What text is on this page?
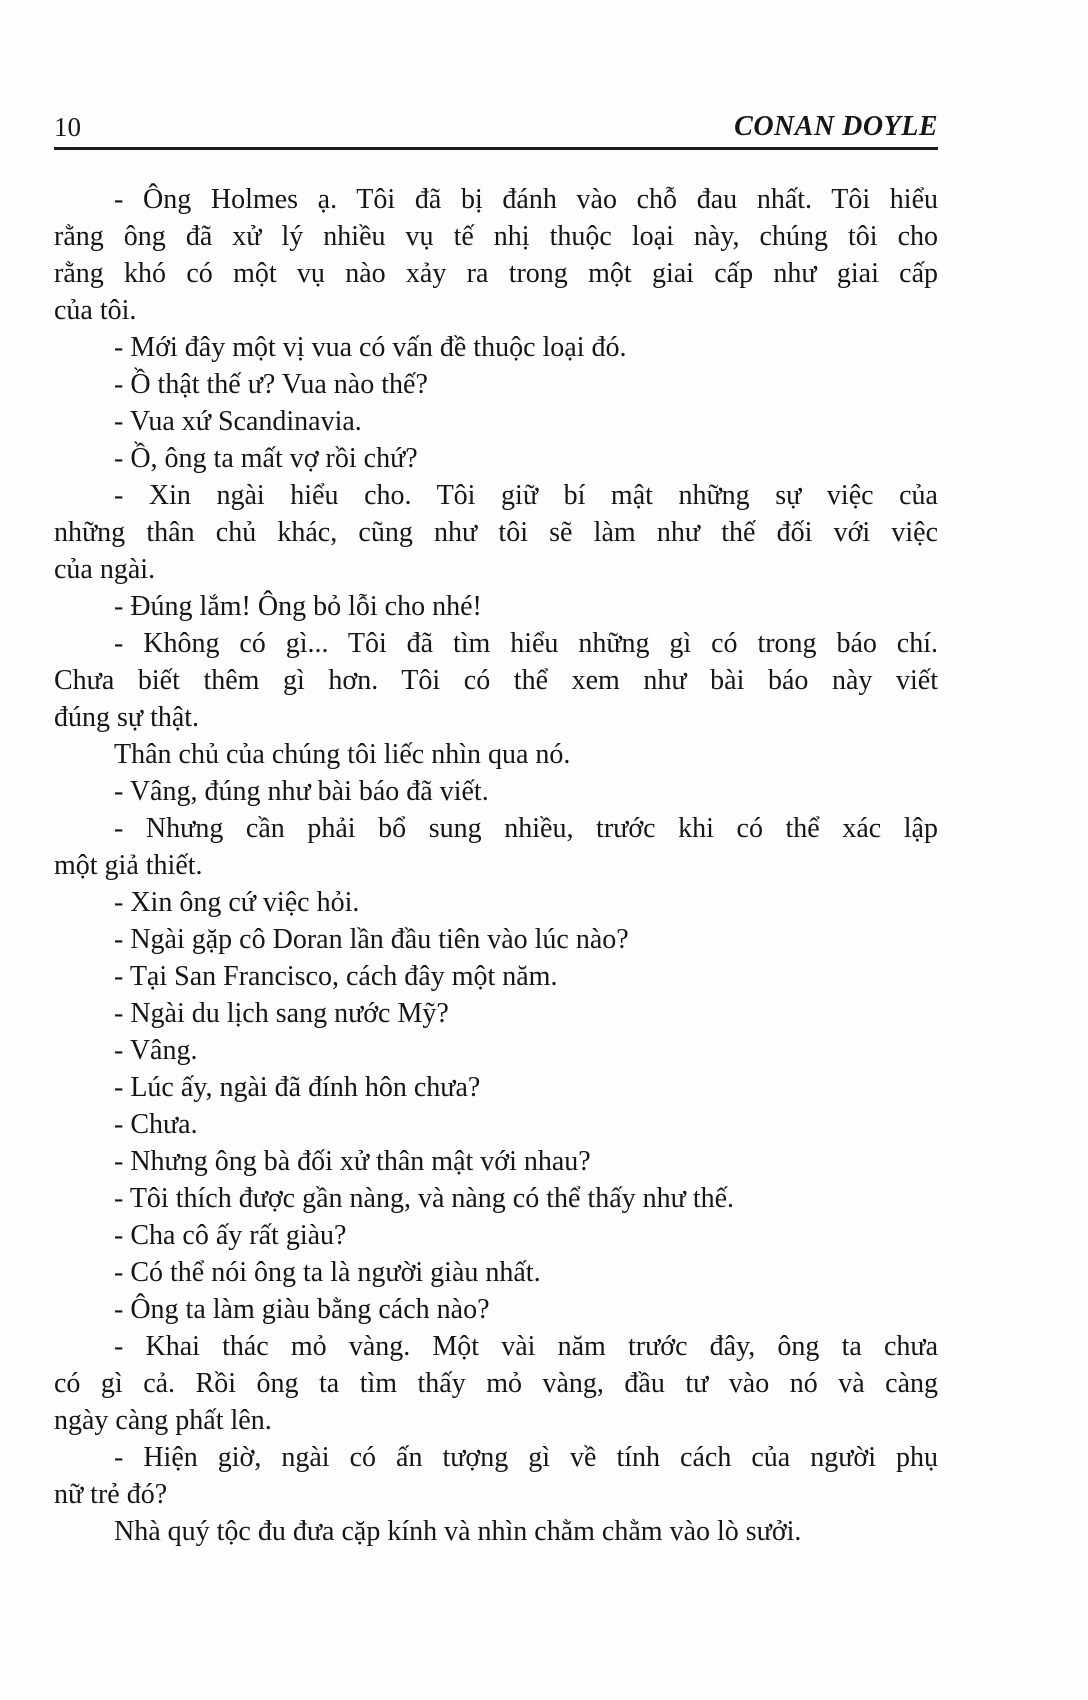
10	CONAN DOYLE
- Ông Holmes ạ. Tôi đã bị đánh vào chỗ đau nhất. Tôi hiểu
rằng ông đã xử lý nhiều vụ tế nhị thuộc loại này, chúng tôi cho
rằng khó có một vụ nào xảy ra trong một giai cấp như giai cấp
của tôi.
- Mới đây một vị vua có vấn đề thuộc loại đó.
- Ồ thật thế ư? Vua nào thế?
- Vua xứ Scandinavia.
- Ồ, ông ta mất vợ rồi chứ?
- Xin ngài hiểu cho. Tôi giữ bí mật những sự việc của
những thân chủ khác, cũng như tôi sẽ làm như thế đối với việc
của ngài.
- Đúng lắm! Ông bỏ lỗi cho nhé!
- Không có gì... Tôi đã tìm hiểu những gì có trong báo chí.
Chưa biết thêm gì hơn. Tôi có thể xem như bài báo này viết
đúng sự thật.
Thân chủ của chúng tôi liếc nhìn qua nó.
- Vâng, đúng như bài báo đã viết.
- Nhưng cần phải bổ sung nhiều, trước khi có thể xác lập
một giả thiết.
- Xin ông cứ việc hỏi.
- Ngài gặp cô Doran lần đầu tiên vào lúc nào?
- Tại San Francisco, cách đây một năm.
- Ngài du lịch sang nước Mỹ?
- Vâng.
- Lúc ấy, ngài đã đính hôn chưa?
- Chưa.
- Nhưng ông bà đối xử thân mật với nhau?
- Tôi thích được gần nàng, và nàng có thể thấy như thế.
- Cha cô ấy rất giàu?
- Có thể nói ông ta là người giàu nhất.
- Ông ta làm giàu bằng cách nào?
- Khai thác mỏ vàng. Một vài năm trước đây, ông ta chưa
có gì cả. Rồi ông ta tìm thấy mỏ vàng, đầu tư vào nó và càng
ngày càng phất lên.
- Hiện giờ, ngài có ấn tượng gì về tính cách của người phụ
nữ trẻ đó?
Nhà quý tộc đu đưa cặp kính và nhìn chằm chằm vào lò sưởi.
